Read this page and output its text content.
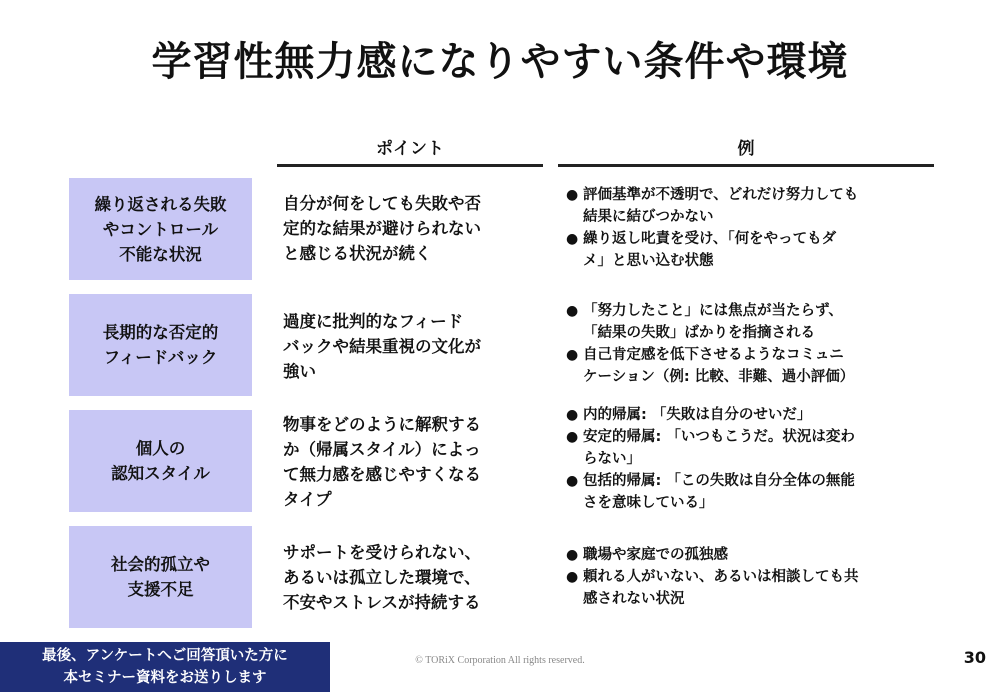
学習性無力感になりやすい条件や環境
ポイント	例
繰り返される失敗
やコントロール
不能な状況
自分が何をしても失敗や否
定的な結果が避けられない
と感じる状況が続く
● 評価基準が不透明で、どれだけ努力しても
結果に結びつかない
● 繰り返し叱責を受け、「何をやってもダ
メ」と思い込む状態
長期的な否定的
フィードバック
過度に批判的なフィード
バックや結果重視の文化が
強い
● 「努力したこと」には焦点が当たらず、
「結果の失敗」ばかりを指摘される
● 自己肯定感を低下させるようなコミュニ
ケーション（例: 比較、非難、過小評価）
個人の
認知スタイル
物事をどのように解釈する
か（帰属スタイル）によっ
て無力感を感じやすくなる
タイプ
● 内的帰属: 「失敗は自分のせいだ」
● 安定的帰属: 「いつもこうだ。状況は変わ
らない」
● 包括的帰属: 「この失敗は自分全体の無能
さを意味している」
社会的孤立や
支援不足
サポートを受けられない、
あるいは孤立した環境で、
不安やストレスが持続する
● 職場や家庭での孤独感
● 頼れる人がいない、あるいは相談しても共
感されない状況
最後、アンケートへご回答頂いた方に
本セミナー資料をお送りします
© TORiX Corporation All rights reserved.	30
